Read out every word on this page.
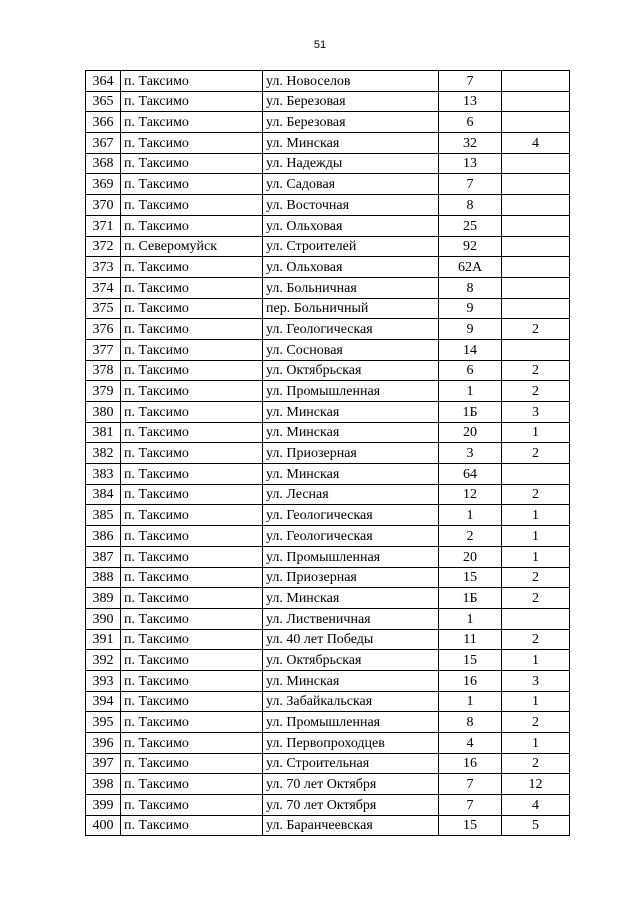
51
364	п. Таксимо	ул. Новоселов	7	
365	п. Таксимо	ул. Березовая	13	
366	п. Таксимо	ул. Березовая	6	
367	п. Таксимо	ул. Минская	32	4
368	п. Таксимо	ул. Надежды	13	
369	п. Таксимо	ул. Садовая	7	
370	п. Таксимо	ул. Восточная	8	
371	п. Таксимо	ул. Ольховая	25	
372	п. Северомуйск	ул. Строителей	92	
373	п. Таксимо	ул. Ольховая	62А	
374	п. Таксимо	ул. Больничная	8	
375	п. Таксимо	пер. Больничный	9	
376	п. Таксимо	ул. Геологическая	9	2
377	п. Таксимо	ул. Сосновая	14	
378	п. Таксимо	ул. Октябрьская	6	2
379	п. Таксимо	ул. Промышленная	1	2
380	п. Таксимо	ул. Минская	1Б	3
381	п. Таксимо	ул. Минская	20	1
382	п. Таксимо	ул. Приозерная	3	2
383	п. Таксимо	ул. Минская	64	
384	п. Таксимо	ул. Лесная	12	2
385	п. Таксимо	ул. Геологическая	1	1
386	п. Таксимо	ул. Геологическая	2	1
387	п. Таксимо	ул. Промышленная	20	1
388	п. Таксимо	ул. Приозерная	15	2
389	п. Таксимо	ул. Минская	1Б	2
390	п. Таксимо	ул. Лиственичная	1	
391	п. Таксимо	ул. 40 лет Победы	11	2
392	п. Таксимо	ул. Октябрьская	15	1
393	п. Таксимо	ул. Минская	16	3
394	п. Таксимо	ул. Забайкальская	1	1
395	п. Таксимо	ул. Промышленная	8	2
396	п. Таксимо	ул. Первопроходцев	4	1
397	п. Таксимо	ул. Строительная	16	2
398	п. Таксимо	ул. 70 лет Октября	7	12
399	п. Таксимо	ул. 70 лет Октября	7	4
400	п. Таксимо	ул. Баранчеевская	15	5
